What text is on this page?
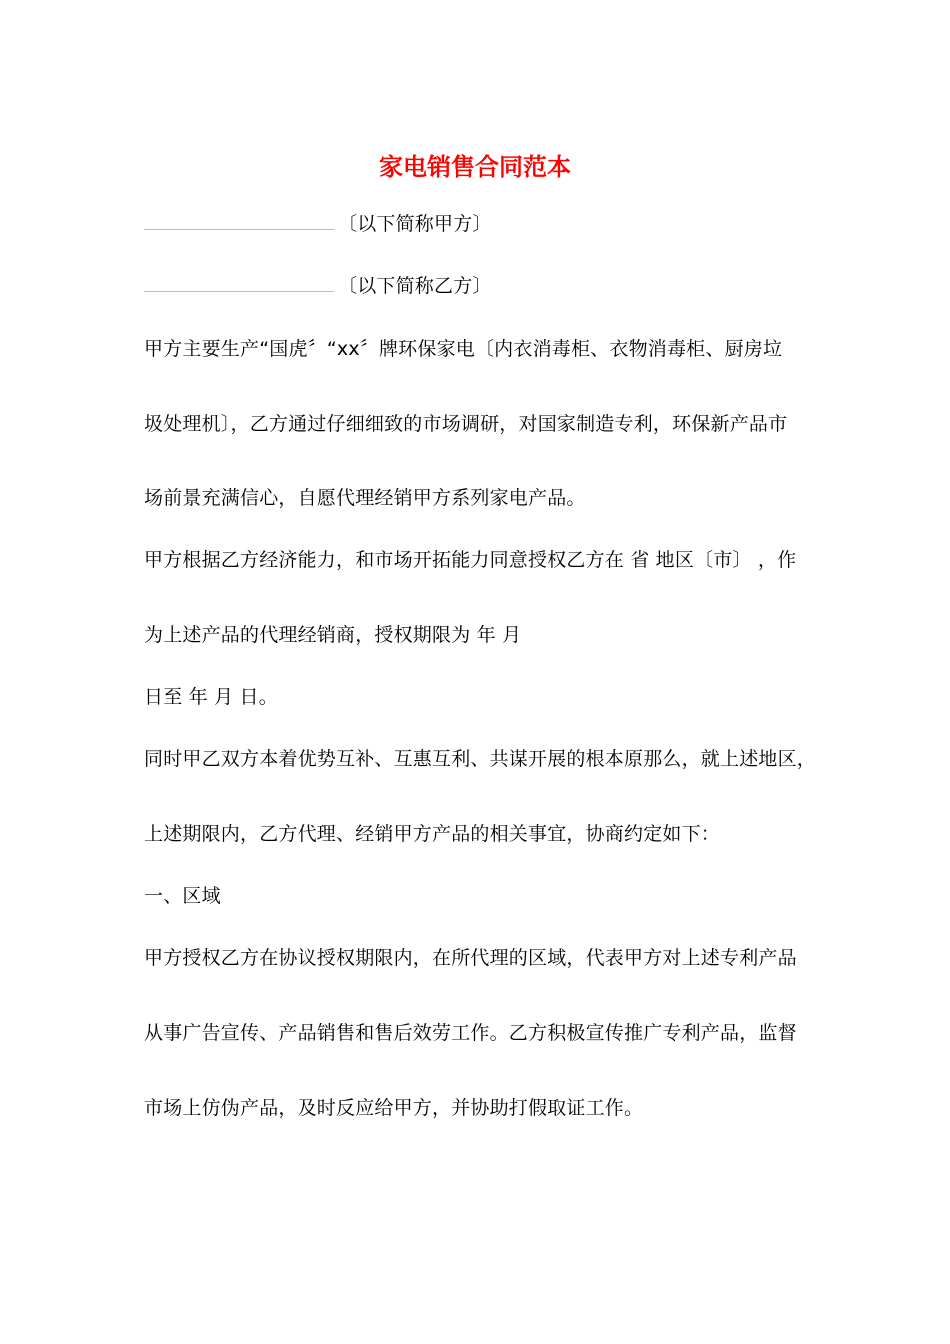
家电销售合同范本
〔以下简称甲方〕
〔以下简称乙方〕
甲方主要生产“国虎〞“xx〞牌环保家电〔内衣消毒柜、衣物消毒柜、厨房垃
圾处理机〕，乙方通过仔细细致的市场调研，对国家制造专利，环保新产品市
场前景充满信心，自愿代理经销甲方系列家电产品。
甲方根据乙方经济能力，和市场开拓能力同意授权乙方在 省 地区〔市〕 ，作
为上述产品的代理经销商，授权期限为 年 月
日至 年 月 日。
同时甲乙双方本着优势互补、互惠互利、共谋开展的根本原那么，就上述地区，
上述期限内，乙方代理、经销甲方产品的相关事宜，协商约定如下：
一、区域
甲方授权乙方在协议授权期限内，在所代理的区域，代表甲方对上述专利产品
从事广告宣传、产品销售和售后效劳工作。乙方积极宣传推广专利产品，监督
市场上仿伪产品，及时反应给甲方，并协助打假取证工作。
